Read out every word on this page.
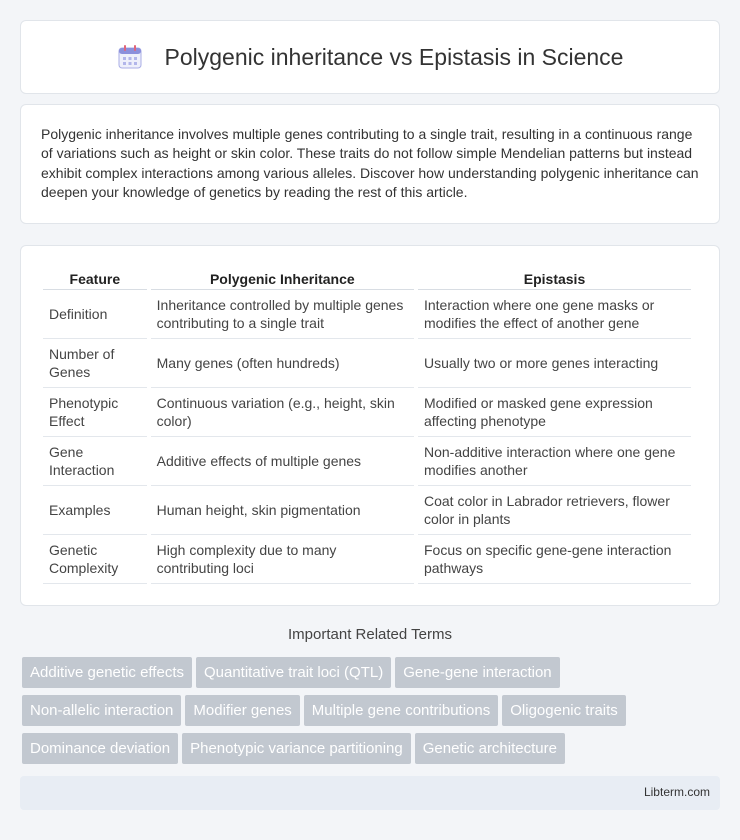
Polygenic inheritance vs Epistasis in Science

Polygenic inheritance involves multiple genes contributing to a single trait, resulting in a continuous range of variations such as height or skin color. These traits do not follow simple Mendelian patterns but instead exhibit complex interactions among various alleles. Discover how understanding polygenic inheritance can deepen your knowledge of genetics by reading the rest of this article.

Feature	Polygenic Inheritance	Epistasis
Definition	Inheritance controlled by multiple genes contributing to a single trait	Interaction where one gene masks or modifies the effect of another gene
Number of Genes	Many genes (often hundreds)	Usually two or more genes interacting
Phenotypic Effect	Continuous variation (e.g., height, skin color)	Modified or masked gene expression affecting phenotype
Gene Interaction	Additive effects of multiple genes	Non-additive interaction where one gene modifies another
Examples	Human height, skin pigmentation	Coat color in Labrador retrievers, flower color in plants
Genetic Complexity	High complexity due to many contributing loci	Focus on specific gene-gene interaction pathways
Important Related Terms
Additive genetic effects Quantitative trait loci (QTL) Gene-gene interaction
Non-allelic interaction Modifier genes Multiple gene contributions Oligogenic traits
Dominance deviation Phenotypic variance partitioning Genetic architecture
Libterm.com
